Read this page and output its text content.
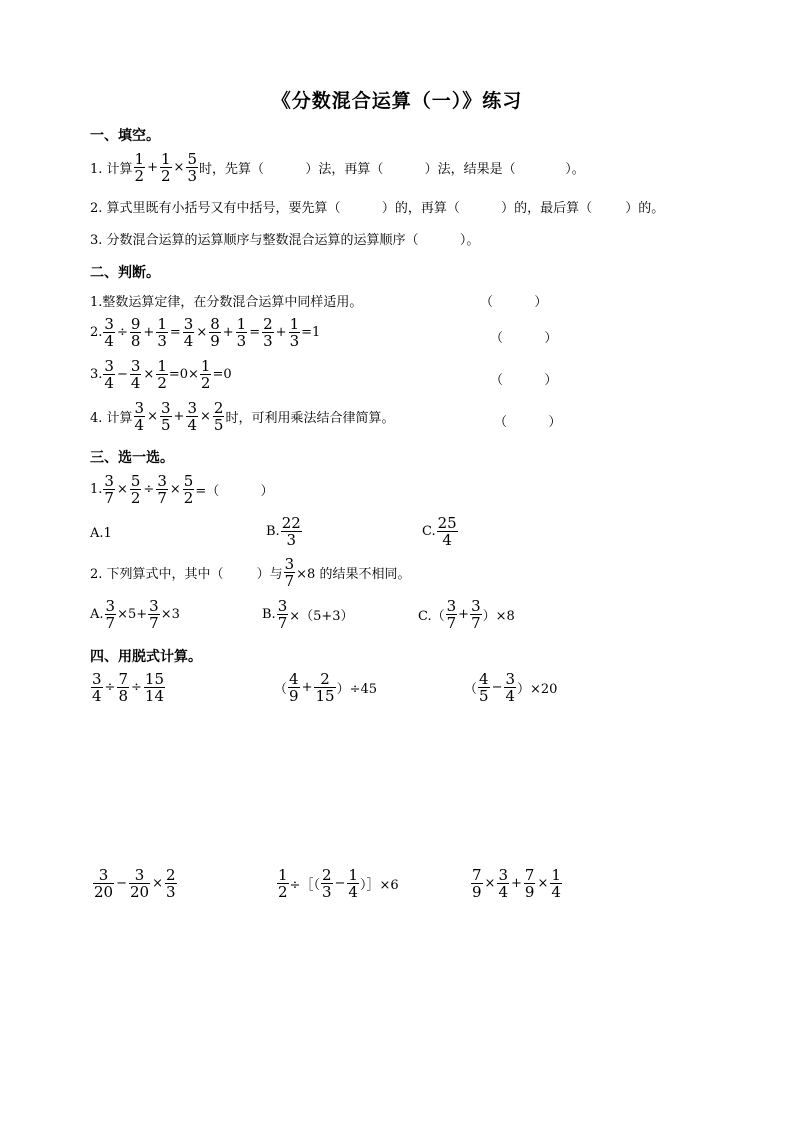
《分数混合运算（一）》练习
一、填空。
1. 计算 $\frac{1}{2} + \frac{1}{2} \times \frac{5}{3}$ 时，先算（          ）法，再算（          ）法，结果是（            ）。
2. 算式里既有小括号又有中括号，要先算（          ）的，再算（          ）的，最后算（        ）的。
3. 分数混合运算的运算顺序与整数混合运算的运算顺序（          ）。
二、判断。
1.整数运算定律，在分数混合运算中同样适用。	（          ）
2. $\frac{3}{4} \div \frac{9}{8} + \frac{1}{3} = \frac{3}{4} \times \frac{8}{9} + \frac{1}{3} = \frac{2}{3} + \frac{1}{3} =1$	（          ）
3. $\frac{3}{4} - \frac{3}{4} \times \frac{1}{2} =0\times \frac{1}{2} =0$	（          ）
4. 计算 $\frac{3}{4} \times \frac{3}{5} + \frac{3}{4} \times \frac{2}{5}$ 时，可利用乘法结合律简算。	（          ）
三、选一选。
1. $\frac{3}{7} \times \frac{5}{2} \div \frac{3}{7} \times \frac{5}{2}$ =（          ）
A.1	B. $\frac{22}{3}$	C. $\frac{25}{4}$
2. 下列算式中，其中（        ）与 $\frac{3}{7} \times 8$ 的结果不相同。
A. $\frac{3}{7} \times 5+ \frac{3}{7} \times 3$	B. $\frac{3}{7} \times(5+3)$	$C.( \frac{3}{7} + \frac{3}{7} )\times 8$
四、用脱式计算。
$\frac{3}{4} \div \frac{7}{8} \div \frac{15}{14}$	（ $\frac{4}{9} + \frac{2}{15} )\div 45$	（ $\frac{4}{5} - \frac{3}{4} )\times 20$
$\frac{3}{20} - \frac{3}{20} \times \frac{2}{3}$	$\frac{1}{2}$ ÷［（ $\frac{2}{3} - \frac{1}{4}$ ）］×6	$\frac{7}{9} \times \frac{3}{4} + \frac{7}{9} \times \frac{1}{4}$
